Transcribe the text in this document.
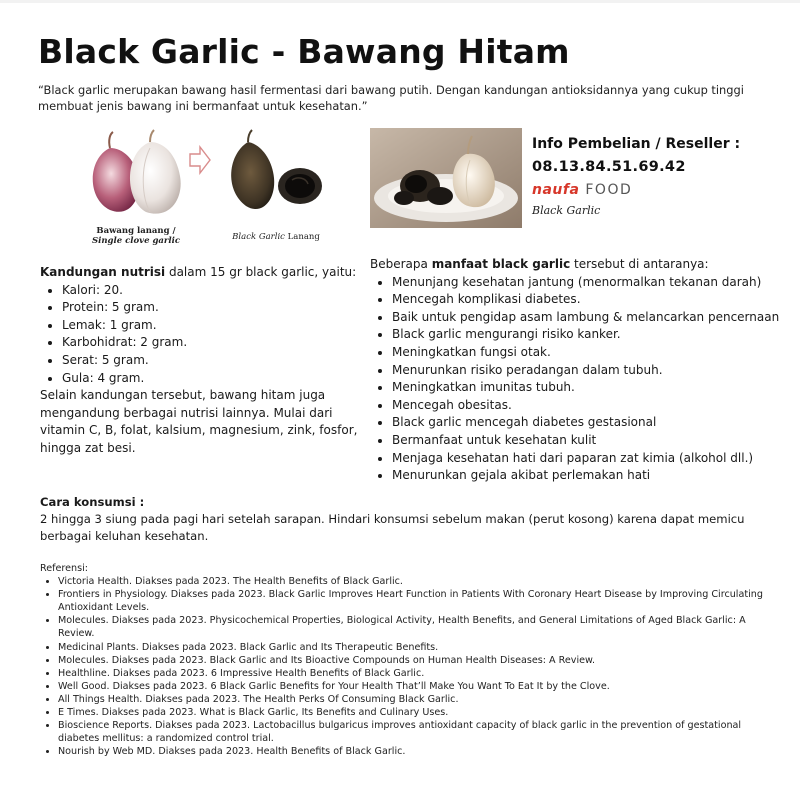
Black Garlic - Bawang Hitam
“Black garlic merupakan bawang hasil fermentasi dari bawang putih. Dengan kandungan antioksidannya yang cukup tinggi membuat jenis bawang ini bermanfaat untuk kesehatan.”
Bawang lanang /
Single clove garlic	Black Garlic Lanang
Info Pembelian / Reseller :
08.13.84.51.69.42
naufa FOOD
Black Garlic
Kandungan nutrisi dalam 15 gr black garlic, yaitu:
• Kalori: 20.
• Protein: 5 gram.
• Lemak: 1 gram.
• Karbohidrat: 2 gram.
• Serat: 5 gram.
• Gula: 4 gram.
Selain kandungan tersebut, bawang hitam juga mengandung berbagai nutrisi lainnya. Mulai dari vitamin C, B, folat, kalsium, magnesium, zink, fosfor, hingga zat besi.
Beberapa manfaat black garlic tersebut di antaranya:
• Menunjang kesehatan jantung (menormalkan tekanan darah)
• Mencegah komplikasi diabetes.
• Baik untuk pengidap asam lambung & melancarkan pencernaan
• Black garlic mengurangi risiko kanker.
• Meningkatkan fungsi otak.
• Menurunkan risiko peradangan dalam tubuh.
• Meningkatkan imunitas tubuh.
• Mencegah obesitas.
• Black garlic mencegah diabetes gestasional
• Bermanfaat untuk kesehatan kulit
• Menjaga kesehatan hati dari paparan zat kimia (alkohol dll.)
• Menurunkan gejala akibat perlemakan hati
Cara konsumsi :
2 hingga 3 siung pada pagi hari setelah sarapan. Hindari konsumsi sebelum makan (perut kosong) karena dapat memicu berbagai keluhan kesehatan.
Referensi:
• Victoria Health. Diakses pada 2023. The Health Benefits of Black Garlic.
• Frontiers in Physiology. Diakses pada 2023. Black Garlic Improves Heart Function in Patients With Coronary Heart Disease by Improving Circulating Antioxidant Levels.
• Molecules. Diakses pada 2023. Physicochemical Properties, Biological Activity, Health Benefits, and General Limitations of Aged Black Garlic: A Review.
• Medicinal Plants. Diakses pada 2023. Black Garlic and Its Therapeutic Benefits.
• Molecules. Diakses pada 2023. Black Garlic and Its Bioactive Compounds on Human Health Diseases: A Review.
• Healthline. Diakses pada 2023. 6 Impressive Health Benefits of Black Garlic.
• Well Good. Diakses pada 2023. 6 Black Garlic Benefits for Your Health That’ll Make You Want To Eat It by the Clove.
• All Things Health. Diakses pada 2023. The Health Perks Of Consuming Black Garlic.
• E Times. Diakses pada 2023. What is Black Garlic, Its Benefits and Culinary Uses.
• Bioscience Reports. Diakses pada 2023. Lactobacillus bulgaricus improves antioxidant capacity of black garlic in the prevention of gestational diabetes mellitus: a randomized control trial.
• Nourish by Web MD. Diakses pada 2023. Health Benefits of Black Garlic.
